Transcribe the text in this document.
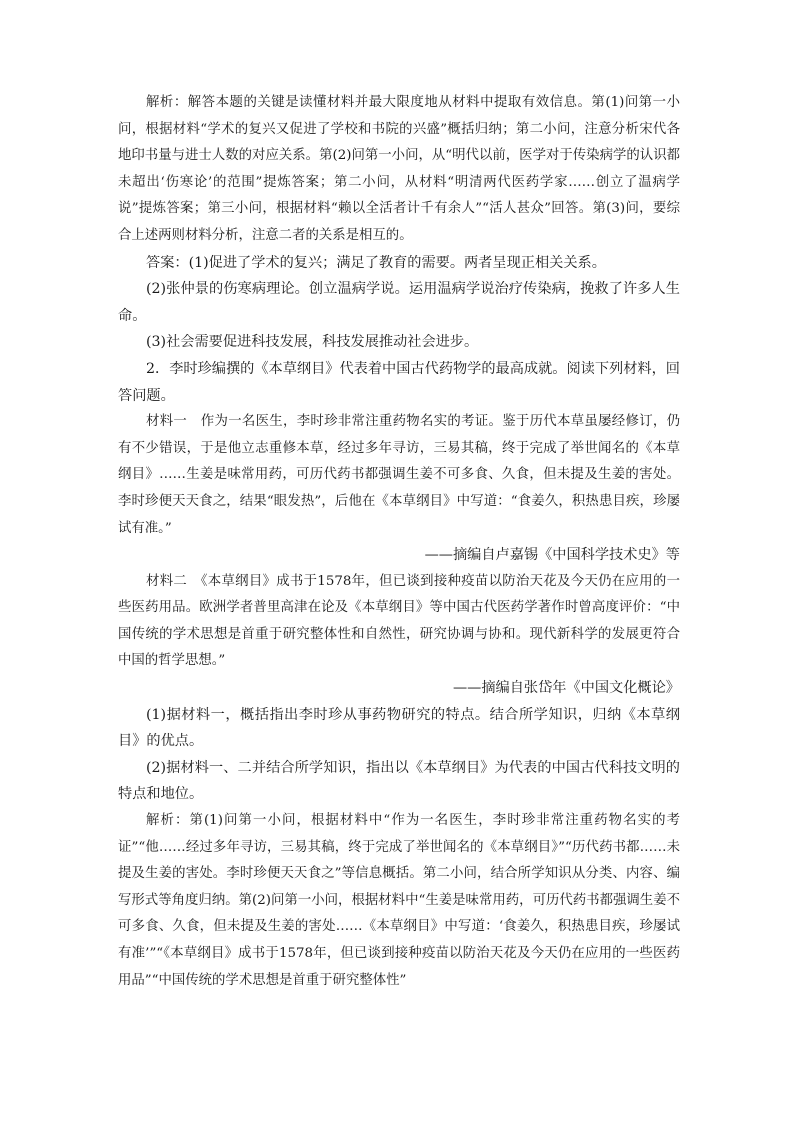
解析：解答本题的关键是读懂材料并最大限度地从材料中提取有效信息。第(1)问第一小问，根据材料“学术的复兴又促进了学校和书院的兴盛”概括归纳；第二小问，注意分析宋代各地印书量与进士人数的对应关系。第(2)问第一小问，从“明代以前，医学对于传染病学的认识都未超出‘伤寒论’的范围”提炼答案；第二小问，从材料“明清两代医药学家……创立了温病学说”提炼答案；第三小问，根据材料“赖以全活者计千有余人”“活人甚众”回答。第(3)问，要综合上述两则材料分析，注意二者的关系是相互的。

答案：(1)促进了学术的复兴；满足了教育的需要。两者呈现正相关关系。

(2)张仲景的伤寒病理论。创立温病学说。运用温病学说治疗传染病，挽救了许多人生命。

(3)社会需要促进科技发展，科技发展推动社会进步。

2．李时珍编撰的《本草纲目》代表着中国古代药物学的最高成就。阅读下列材料，回答问题。

材料一　作为一名医生，李时珍非常注重药物名实的考证。鉴于历代本草虽屡经修订，仍有不少错误，于是他立志重修本草，经过多年寻访，三易其稿，终于完成了举世闻名的《本草纲目》……生姜是味常用药，可历代药书都强调生姜不可多食、久食，但未提及生姜的害处。李时珍便天天食之，结果“眼发热”，后他在《本草纲目》中写道：“食姜久，积热患目疾，珍屡试有准。”

——摘编自卢嘉锡《中国科学技术史》等

材料二　《本草纲目》成书于1578年，但已谈到接种疫苗以防治天花及今天仍在应用的一些医药用品。欧洲学者普里高津在论及《本草纲目》等中国古代医药学著作时曾高度评价：“中国传统的学术思想是首重于研究整体性和自然性，研究协调与协和。现代新科学的发展更符合中国的哲学思想。”

——摘编自张岱年《中国文化概论》

(1)据材料一，概括指出李时珍从事药物研究的特点。结合所学知识，归纳《本草纲目》的优点。

(2)据材料一、二并结合所学知识，指出以《本草纲目》为代表的中国古代科技文明的特点和地位。

解析：第(1)问第一小问，根据材料中“作为一名医生，李时珍非常注重药物名实的考证”“他……经过多年寻访，三易其稿，终于完成了举世闻名的《本草纲目》”“历代药书都……未提及生姜的害处。李时珍便天天食之”等信息概括。第二小问，结合所学知识从分类、内容、编写形式等角度归纳。第(2)问第一小问，根据材料中“生姜是味常用药，可历代药书都强调生姜不可多食、久食，但未提及生姜的害处……《本草纲目》中写道：‘食姜久，积热患目疾，珍屡试有准’”“《本草纲目》成书于1578年，但已谈到接种疫苗以防治天花及今天仍在应用的一些医药用品”“中国传统的学术思想是首重于研究整体性”
